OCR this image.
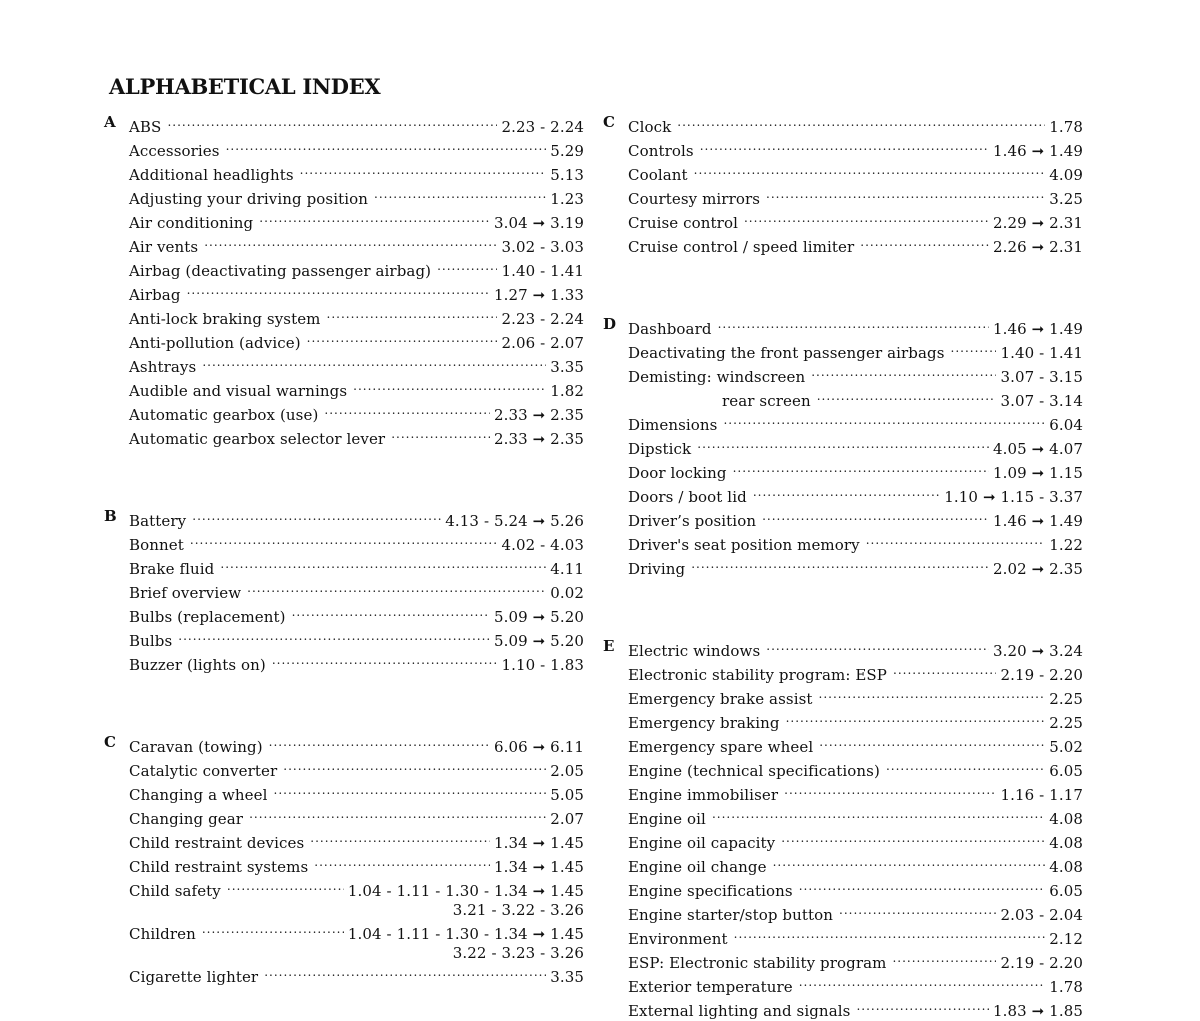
ALPHABETICAL INDEX
A ABS .....	2.23 - 2.24
Accessories .....	5.29
Additional headlights .....	5.13
Adjusting your driving position .....	1.23
Air conditioning .....	3.04 ➞ 3.19
Air vents .....	3.02 - 3.03
Airbag (deactivating passenger airbag) .....	1.40 - 1.41
Airbag .....	1.27 ➞ 1.33
Anti-lock braking system .....	2.23 - 2.24
Anti-pollution (advice) .....	2.06 - 2.07
Ashtrays .....	3.35
Audible and visual warnings .....	1.82
Automatic gearbox (use) .....	2.33 ➞ 2.35
Automatic gearbox selector lever .....	2.33 ➞ 2.35
B Battery .....	4.13 - 5.24 ➞ 5.26
Bonnet .....	4.02 - 4.03
Brake fluid .....	4.11
Brief overview .....	0.02
Bulbs (replacement) .....	5.09 ➞ 5.20
Bulbs .....	5.09 ➞ 5.20
Buzzer (lights on) .....	1.10 - 1.83
C Caravan (towing) .....	6.06 ➞ 6.11
Catalytic converter .....	2.05
Changing a wheel .....	5.05
Changing gear .....	2.07
Child restraint devices .....	1.34 ➞ 1.45
Child restraint systems .....	1.34 ➞ 1.45
Child safety .....	1.04 - 1.11 - 1.30 - 1.34 ➞ 1.45
3.21 - 3.22 - 3.26
Children .....	1.04 - 1.11 - 1.30 - 1.34 ➞ 1.45
3.22 - 3.23 - 3.26
Cigarette lighter .....	3.35
C Clock .....	1.78
Controls .....	1.46 ➞ 1.49
Coolant .....	4.09
Courtesy mirrors .....	3.25
Cruise control .....	2.29 ➞ 2.31
Cruise control / speed limiter .....	2.26 ➞ 2.31
D Dashboard .....	1.46 ➞ 1.49
Deactivating the front passenger airbags .....	1.40 - 1.41
Demisting: windscreen .....	3.07 - 3.15
rear screen .....	3.07 - 3.14
Dimensions .....	6.04
Dipstick .....	4.05 ➞ 4.07
Door locking .....	1.09 ➞ 1.15
Doors / boot lid .....	1.10 ➞ 1.15 - 3.37
Driver’s position .....	1.46 ➞ 1.49
Driver's seat position memory .....	1.22
Driving .....	2.02 ➞ 2.35
E Electric windows .....	3.20 ➞ 3.24
Electronic stability program: ESP .....	2.19 - 2.20
Emergency brake assist .....	2.25
Emergency braking .....	2.25
Emergency spare wheel .....	5.02
Engine (technical specifications) .....	6.05
Engine immobiliser .....	1.16 - 1.17
Engine oil .....	4.08
Engine oil capacity .....	4.08
Engine oil change .....	4.08
Engine specifications .....	6.05
Engine starter/stop button .....	2.03 - 2.04
Environment .....	2.12
ESP: Electronic stability program .....	2.19 - 2.20
Exterior temperature .....	1.78
External lighting and signals .....	1.83 ➞ 1.85
